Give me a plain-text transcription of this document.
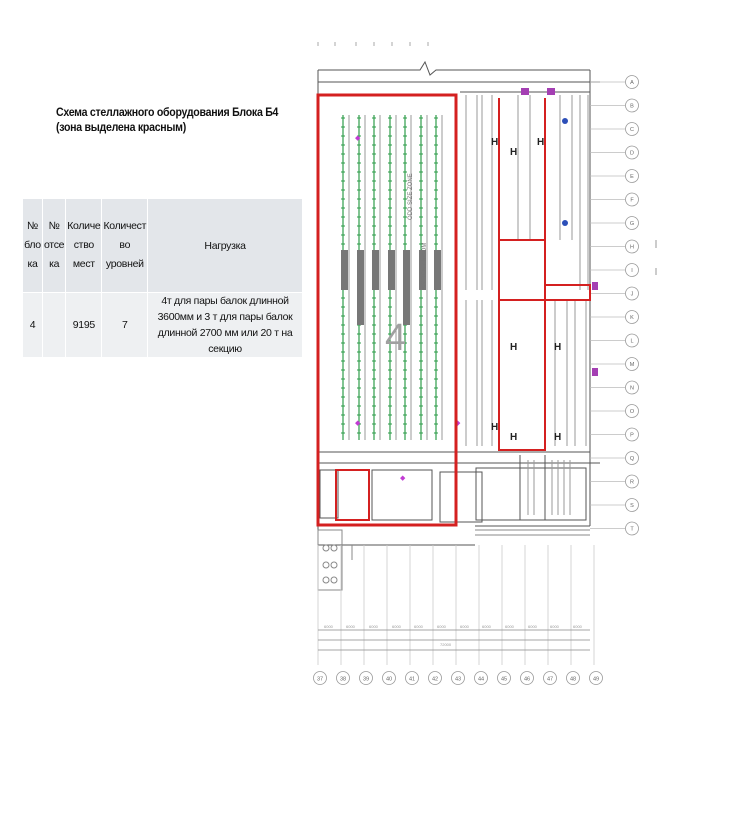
Схема стеллажного оборудования Блока Б4
(зона выделена красным)
№
бло
ка	№
отсе
ка	Количе
ство
мест	Количест
во
уровней	Нагрузка
4		9195	7	4т для пары балок длинной 3600мм и 3 т для пары балок длинной 2700 мм или 20 т на секцию
H
H
H
H	H
H
H	H
6000	6000	6000	6000	6000	6000	6000	6000	6000	6000	6000	6000
72000
◆
◆	◆
◆
37	38	39	40	41	42	43	44	45	46	47	48	49
A
B
C
D
E
F
G
H
I
J
K
L
M
N
O
P
Q
R
S
T
4
ODD SIZE ZONE
BATTERY ROOM
